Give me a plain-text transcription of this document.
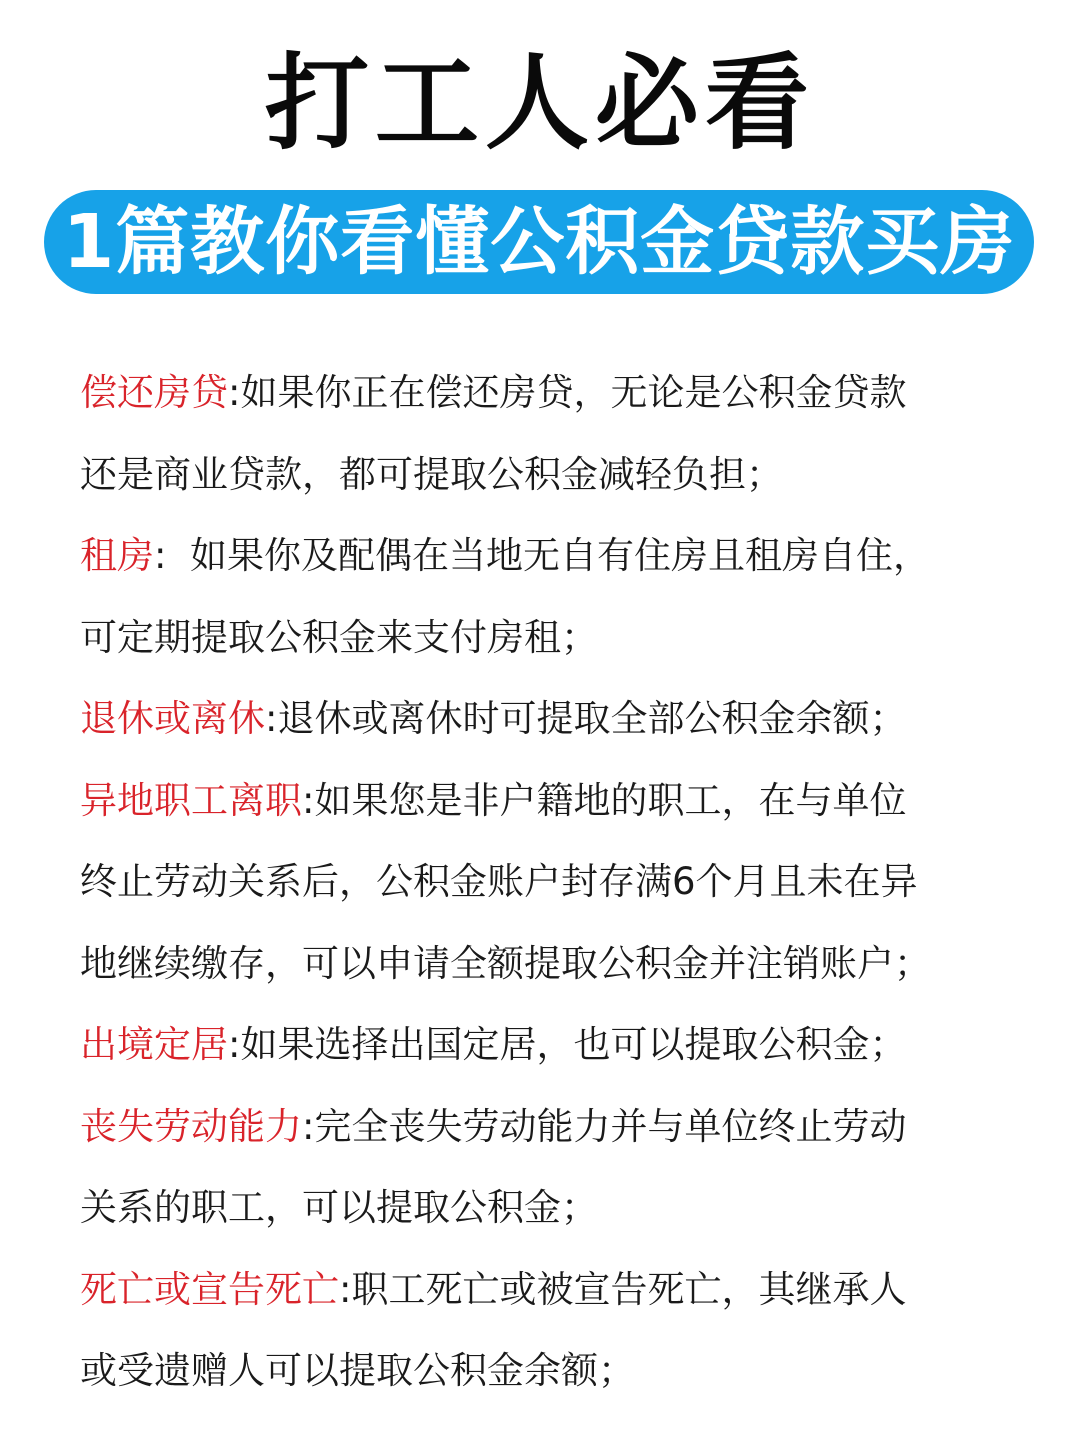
打工人必看
1篇教你看懂公积金贷款买房

偿还房贷:如果你正在偿还房贷，无论是公积金贷款
还是商业贷款，都可提取公积金减轻负担；

租房:  如果你及配偶在当地无自有住房且租房自住，
可定期提取公积金来支付房租；

退休或离休:退休或离休时可提取全部公积金余额；

异地职工离职:如果您是非户籍地的职工，在与单位
终止劳动关系后，公积金账户封存满6个月且未在异
地继续缴存，可以申请全额提取公积金并注销账户；

出境定居:如果选择出国定居，也可以提取公积金；

丧失劳动能力:完全丧失劳动能力并与单位终止劳动
关系的职工，可以提取公积金；

死亡或宣告死亡:职工死亡或被宣告死亡，其继承人
或受遗赠人可以提取公积金余额；
